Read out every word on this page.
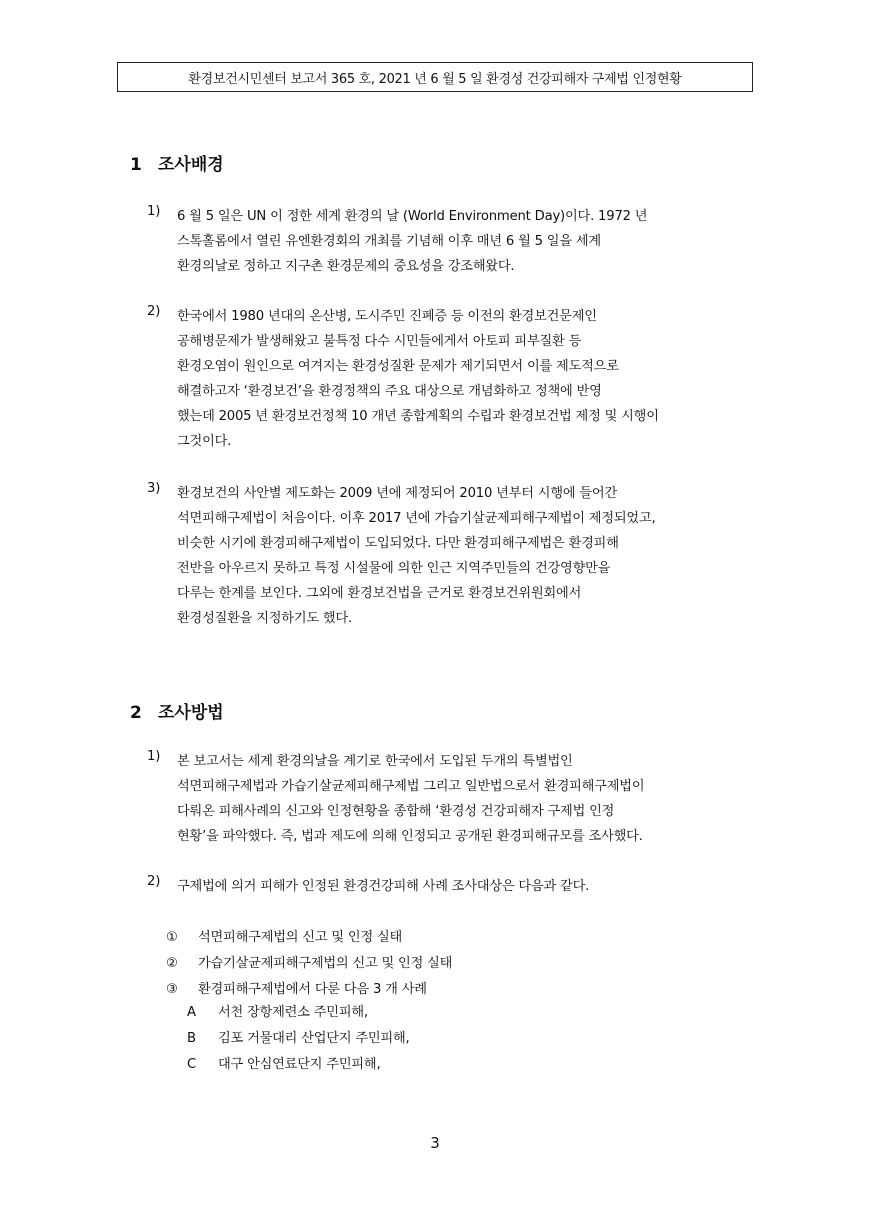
환경보건시민센터 보고서 365 호, 2021 년 6 월 5 일 환경성 건강피해자 구제법 인정현황
1 조사배경
1) 6 월 5 일은 UN 이 정한 세계 환경의 날 (World Environment Day)이다. 1972 년
스톡홀롬에서 열린 유엔환경회의 개최를 기념해 이후 매년 6 월 5 일을 세계
환경의날로 정하고 지구촌 환경문제의 중요성을 강조해왔다.
2) 한국에서 1980 년대의 온산병, 도시주민 진폐증 등 이전의 환경보건문제인
공해병문제가 발생해왔고 불특정 다수 시민들에게서 아토피 피부질환 등
환경오염이 원인으로 여겨지는 환경성질환 문제가 제기되면서 이를 제도적으로
해결하고자 ‘환경보건’을 환경정책의 주요 대상으로 개념화하고 정책에 반영
했는데 2005 년 환경보건정책 10 개년 종합계획의 수립과 환경보건법 제정 및 시행이
그것이다.
3) 환경보건의 사안별 제도화는 2009 년에 제정되어 2010 년부터 시행에 들어간
석면피해구제법이 처음이다. 이후 2017 년에 가습기살균제피해구제법이 제정되었고,
비슷한 시기에 환경피해구제법이 도입되었다. 다만 환경피해구제법은 환경피해
전반을 아우르지 못하고 특정 시설물에 의한 인근 지역주민들의 건강영향만을
다루는 한계를 보인다. 그외에 환경보건법을 근거로 환경보건위원회에서
환경성질환을 지정하기도 했다.
2 조사방법
1) 본 보고서는 세계 환경의날을 계기로 한국에서 도입된 두개의 특별법인
석면피해구제법과 가습기살균제피해구제법 그리고 일반법으로서 환경피해구제법이
다뤄온 피해사례의 신고와 인정현황을 종합해 ‘환경성 건강피해자 구제법 인정
현황’을 파악했다. 즉, 법과 제도에 의해 인정되고 공개된 환경피해규모를 조사했다.
2) 구제법에 의거 피해가 인정된 환경건강피해 사례 조사대상은 다음과 같다.
① 석면피해구제법의 신고 및 인정 실태
② 가습기살균제피해구제법의 신고 및 인정 실태
③ 환경피해구제법에서 다룬 다음 3 개 사례
A 서천 장항제련소 주민피해,
B 김포 거물대리 산업단지 주민피해,
C 대구 안심연료단지 주민피해,
3
